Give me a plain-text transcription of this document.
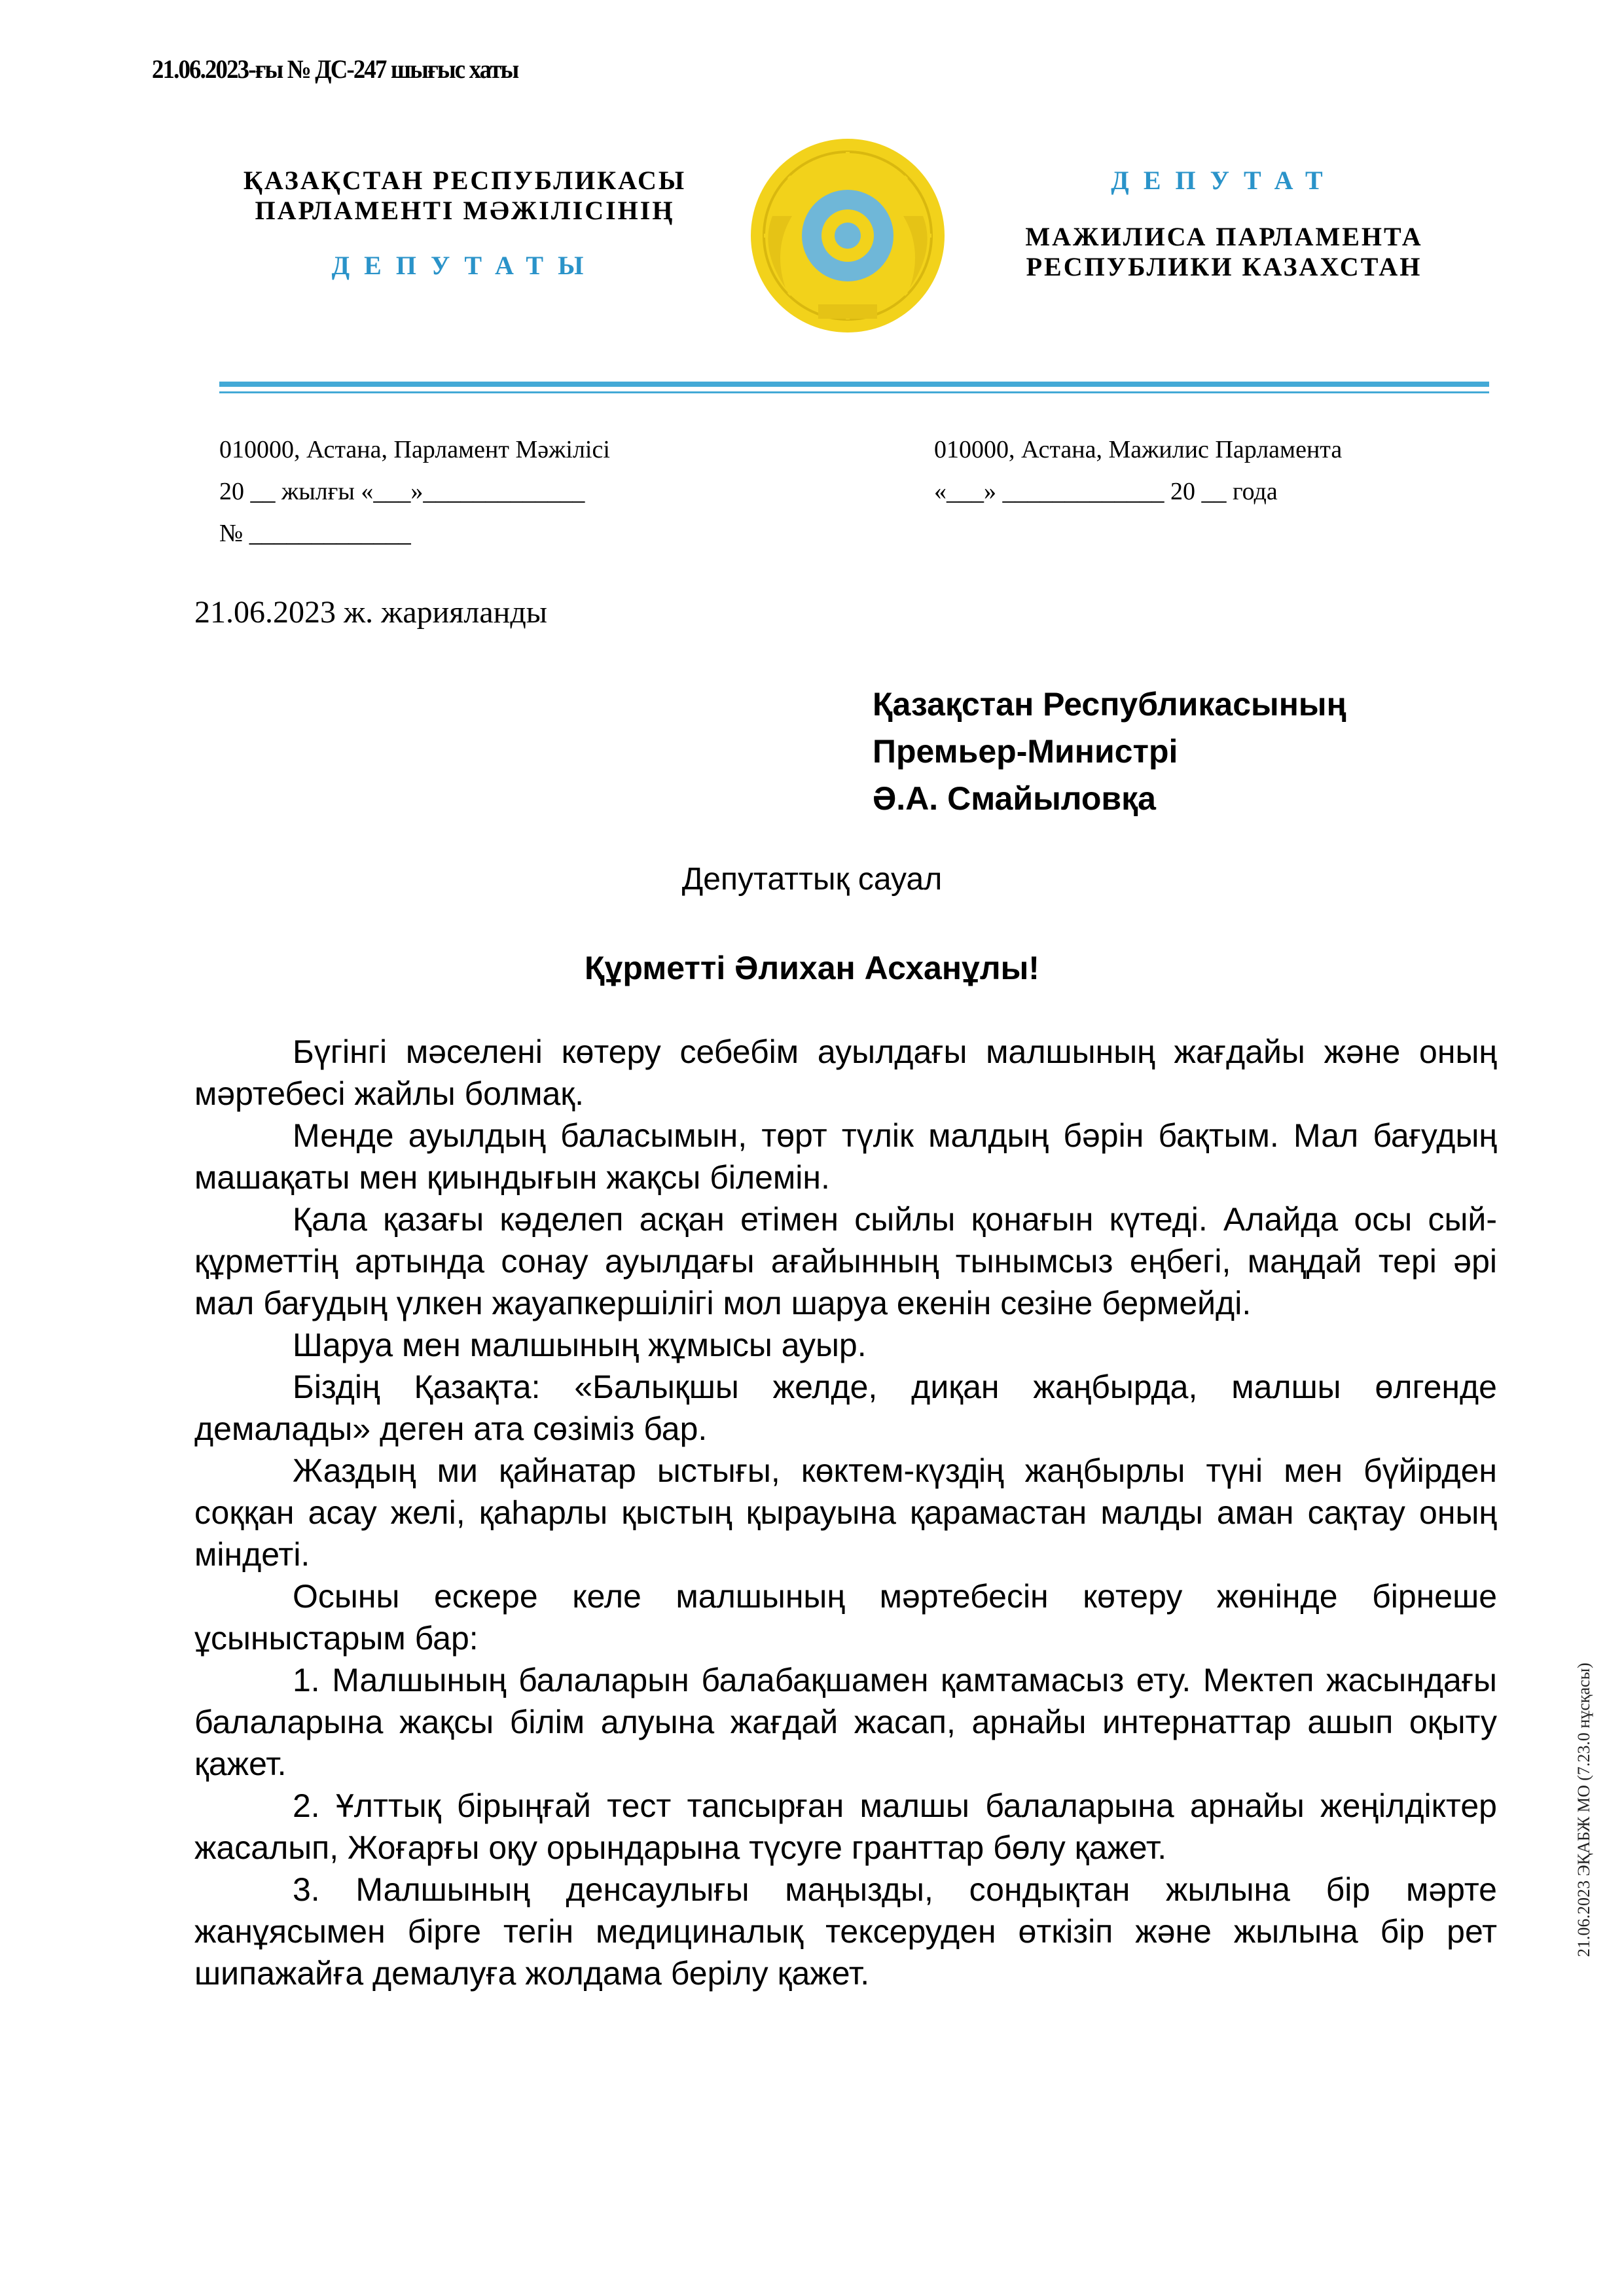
21.06.2023-ғы № ДС-247 шығыс хаты
ҚАЗАҚСТАН РЕСПУБЛИКАСЫ
ПАРЛАМЕНТІ МӘЖІЛІСІНІҢ
ДЕПУТАТЫ
ДЕПУТАТ
МАЖИЛИСА ПАРЛАМЕНТА
РЕСПУБЛИКИ КАЗАХСТАН
010000, Астана, Парламент Мәжілісі
20 __ жылғы «___»_____________
№ _____________
010000, Астана, Мажилис Парламента
«___» _____________ 20 __ года
21.06.2023 ж. жарияланды
Қазақстан Республикасының
Премьер-Министрі
Ә.А. Смайыловқа
Депутаттық сауал
Құрметті Әлихан Асханұлы!

Бүгінгі мәселені көтеру себебім ауылдағы малшының жағдайы және оның мәртебесі жайлы болмақ.

Менде ауылдың баласымын, төрт түлік малдың бәрін бақтым. Мал бағудың машақаты мен қиындығын жақсы білемін.

Қала қазағы кәделеп асқан етімен сыйлы қонағын күтеді. Алайда осы сый-құрметтің артында сонау ауылдағы ағайынның тынымсыз еңбегі, маңдай тері әрі мал бағудың үлкен жауапкершілігі мол шаруа екенін сезіне бермейді.

Шаруа мен малшының жұмысы ауыр.

Біздің Қазақта: «Балықшы желде, диқан жаңбырда, малшы өлгенде демалады» деген ата сөзіміз бар.

Жаздың ми қайнатар ыстығы, көктем-күздің жаңбырлы түні мен бүйірден соққан асау желі, қаһарлы қыстың қырауына қарамастан малды аман сақтау оның міндеті.

Осыны ескере келе малшының мәртебесін көтеру жөнінде бірнеше ұсыныстарым бар:

1. Малшының балаларын балабақшамен қамтамасыз ету. Мектеп жасындағы балаларына жақсы білім алуына жағдай жасап, арнайы интернаттар ашып оқыту қажет.

2. Ұлттық бірыңғай тест тапсырған малшы балаларына арнайы жеңілдіктер жасалып, Жоғарғы оқу орындарына түсуге гранттар бөлу қажет.

3. Малшының денсаулығы маңызды, сондықтан жылына бір мәрте жанұясымен бірге тегін медициналық тексеруден өткізіп және жылына бір рет шипажайға демалуға жолдама берілу қажет.

21.06.2023 ЭҚАБЖ МО (7.23.0 нұсқасы)
